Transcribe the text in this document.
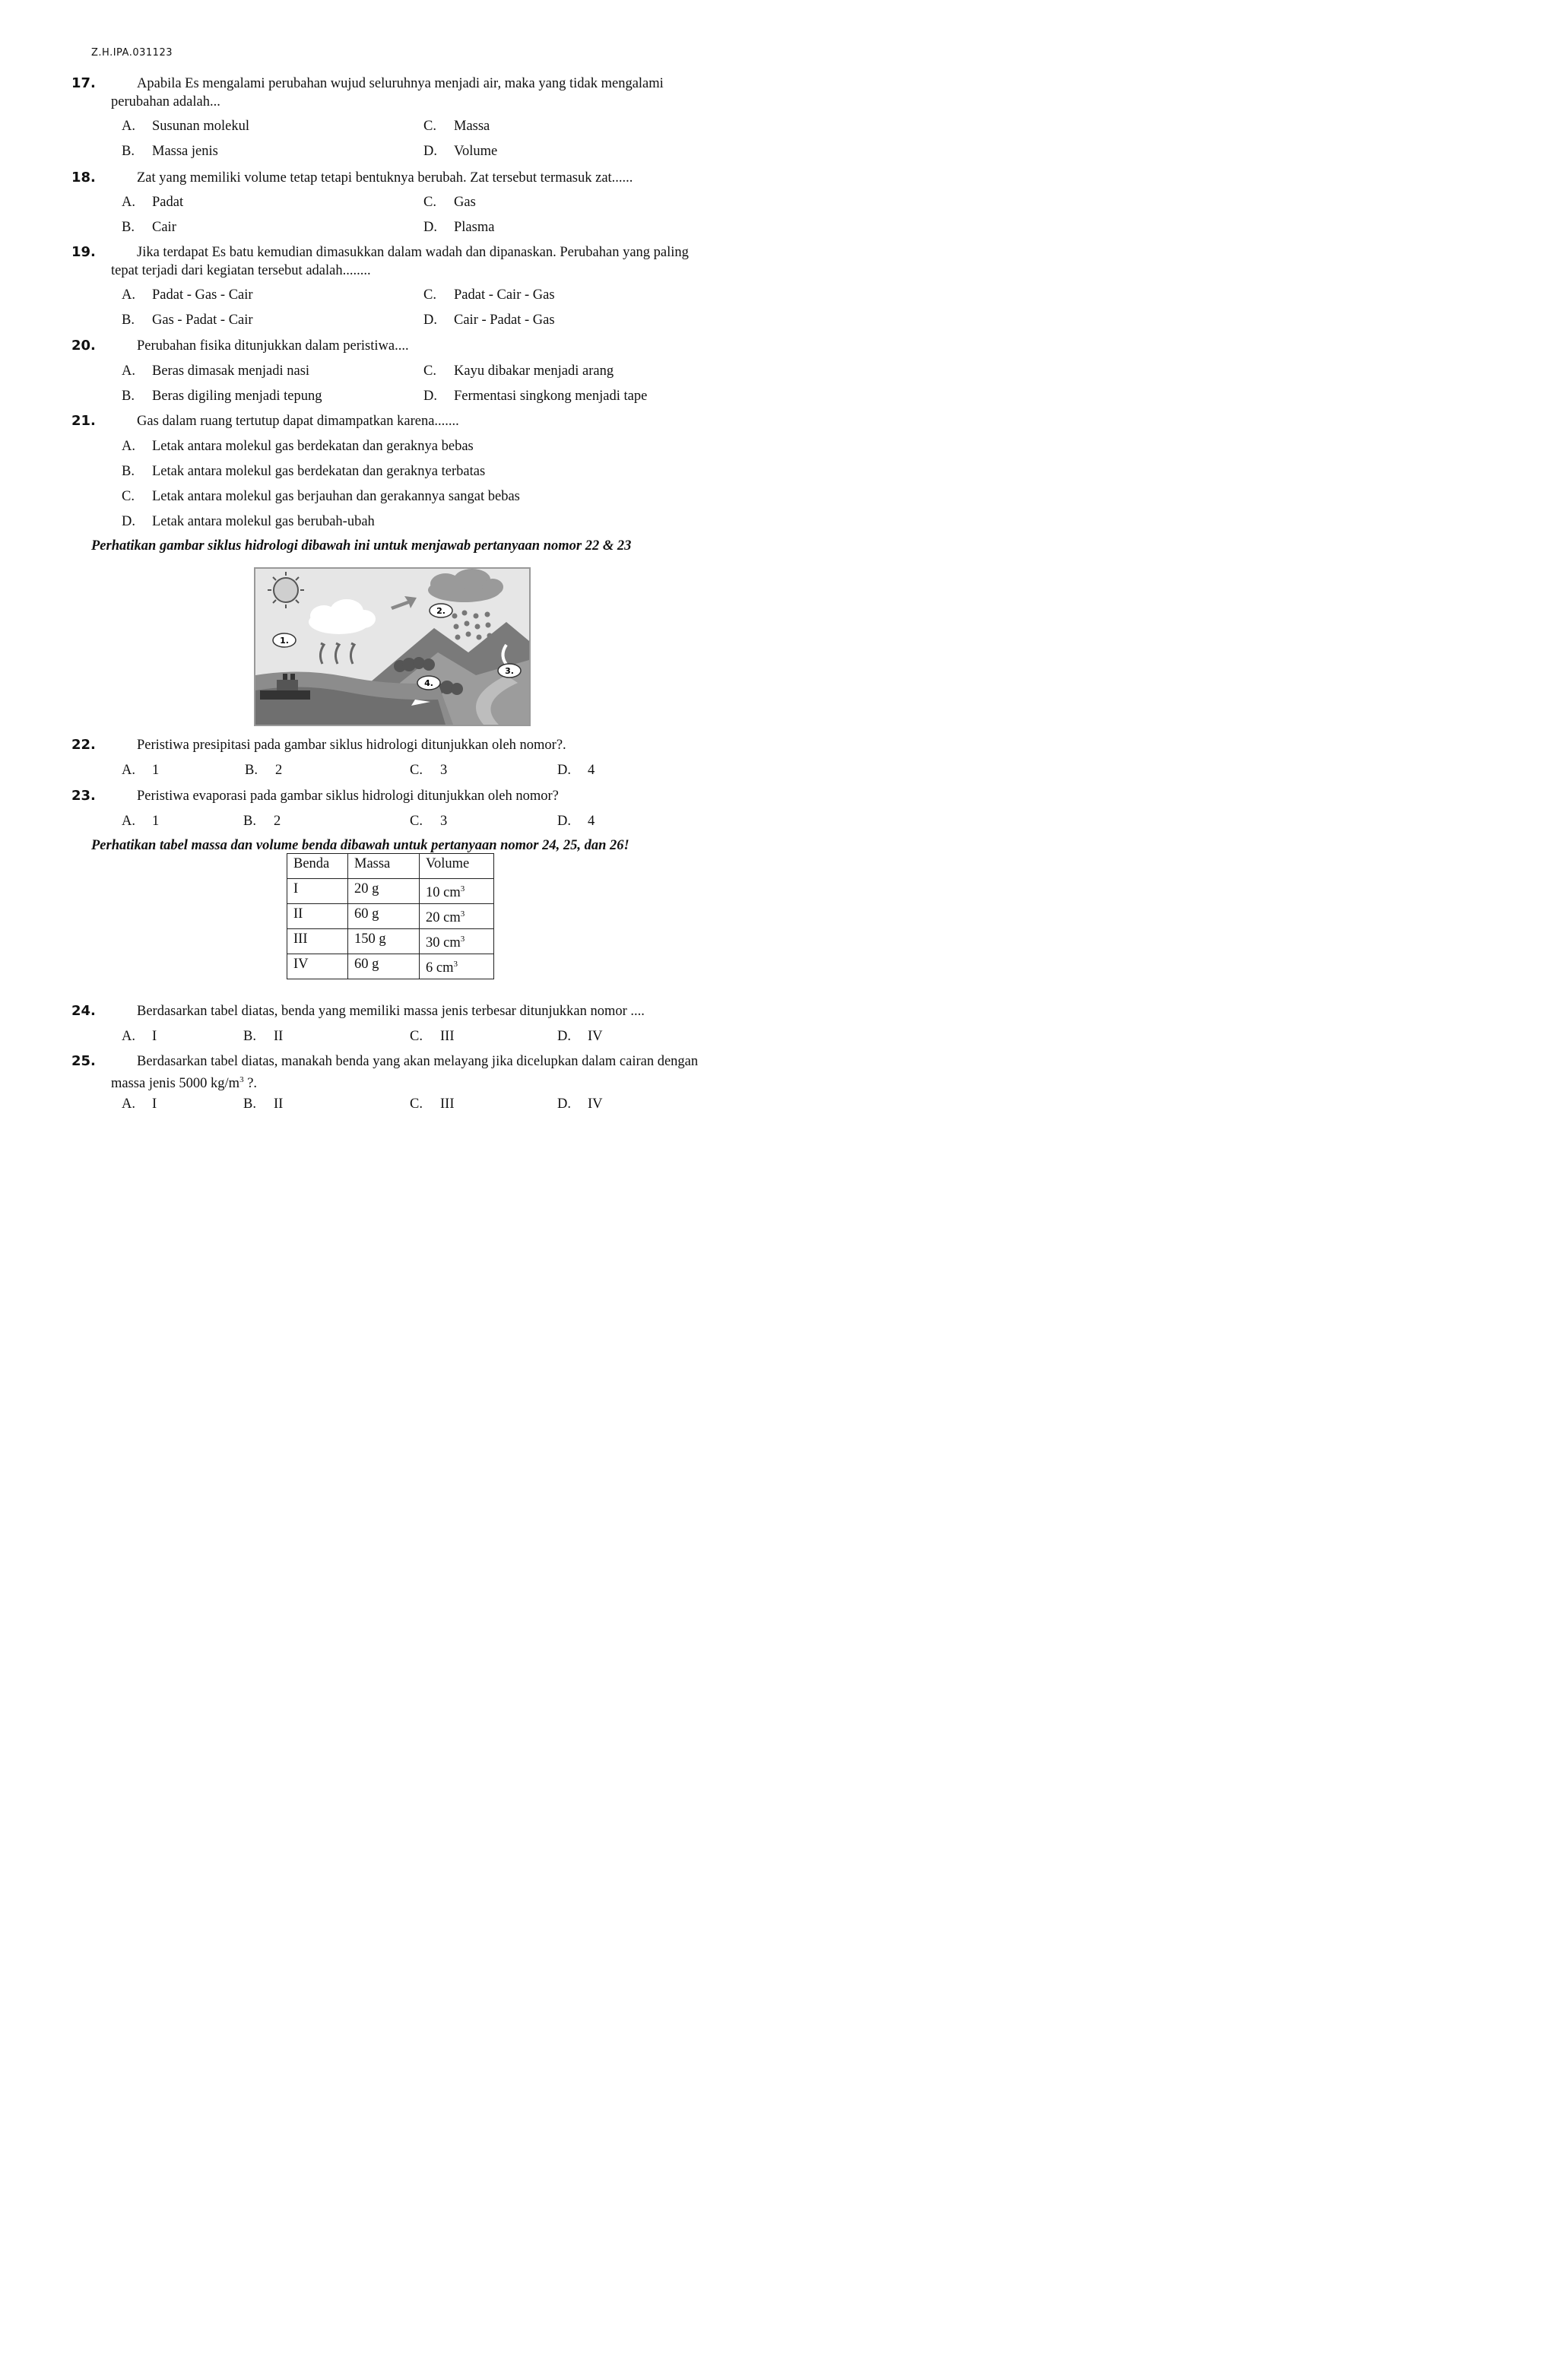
Z.H.IPA.031123
17.	Apabila Es mengalami perubahan wujud seluruhnya menjadi air, maka yang tidak mengalami perubahan adalah...
A. Susunan molekul
B. Massa jenis
C. Massa
D. Volume
18.	Zat yang memiliki volume tetap tetapi bentuknya berubah. Zat tersebut termasuk zat......
A. Padat
B. Cair
C. Gas
D. Plasma
19.	Jika terdapat Es batu kemudian dimasukkan dalam wadah dan dipanaskan. Perubahan yang paling tepat terjadi dari kegiatan tersebut adalah........
A. Padat - Gas - Cair
B. Gas - Padat - Cair
C. Padat - Cair - Gas
D. Cair - Padat - Gas
20.	Perubahan fisika ditunjukkan dalam peristiwa....
A. Beras dimasak menjadi nasi
B. Beras digiling menjadi tepung
C. Kayu dibakar menjadi arang
D. Fermentasi singkong menjadi tape
21.	Gas dalam ruang tertutup dapat dimampatkan karena.......
A. Letak antara molekul gas berdekatan dan geraknya bebas
B. Letak antara molekul gas berdekatan dan geraknya terbatas
C. Letak antara molekul gas berjauhan dan gerakannya sangat bebas
D. Letak antara molekul gas berubah-ubah
Perhatikan gambar siklus hidrologi dibawah ini untuk menjawab pertanyaan nomor 22 & 23
1.
2.
3.
4.
22.	Peristiwa presipitasi pada gambar siklus hidrologi ditunjukkan oleh nomor?.
A. 1	B. 2	C. 3	D. 4
23.	Peristiwa evaporasi pada gambar siklus hidrologi ditunjukkan oleh nomor?
A. 1	B. 2	C. 3	D. 4
Perhatikan tabel massa dan volume benda dibawah untuk pertanyaan nomor 24, 25, dan 26!
Benda	Massa	Volume
I	20 g	10 $cm^3$
II	60 g	20 $cm^3$
III	150 g	30 $cm^3$
IV	60 g	6 $cm^3$
24.	Berdasarkan tabel diatas, benda yang memiliki massa jenis terbesar ditunjukkan nomor ....
A. I	B. II	C. III	D. IV
25.	Berdasarkan tabel diatas, manakah benda yang akan melayang jika dicelupkan dalam cairan dengan massa jenis 5000 $kg/m^3$ ?.
A. I	B. II	C. III	D. IV
